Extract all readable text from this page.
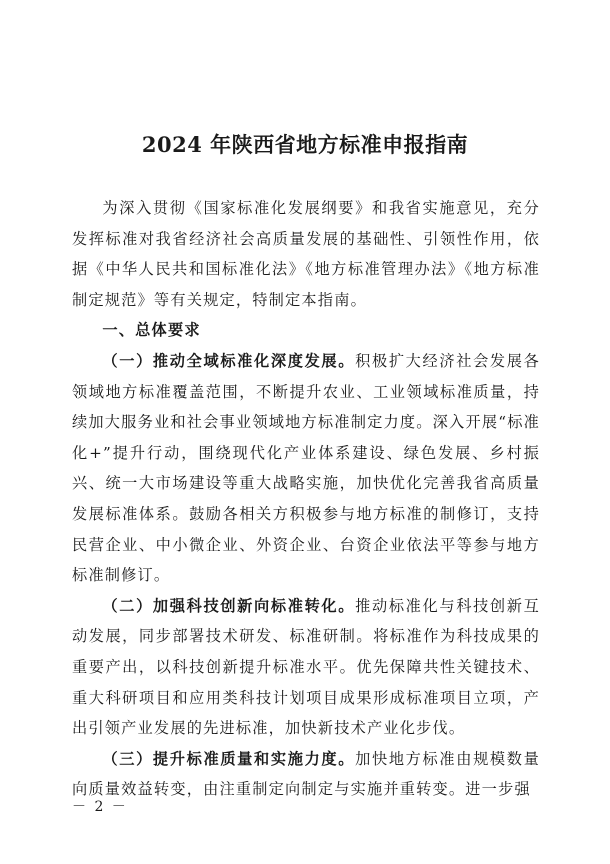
2024 年陕西省地方标准申报指南

为深入贯彻《国家标准化发展纲要》和我省实施意见，充分发挥标准对我省经济社会高质量发展的基础性、引领性作用，依据《中华人民共和国标准化法》《地方标准管理办法》《地方标准制定规范》等有关规定，特制定本指南。

一、总体要求

（一）推动全域标准化深度发展。积极扩大经济社会发展各领域地方标准覆盖范围，不断提升农业、工业领域标准质量，持续加大服务业和社会事业领域地方标准制定力度。深入开展“标准化+”提升行动，围绕现代化产业体系建设、绿色发展、乡村振兴、统一大市场建设等重大战略实施，加快优化完善我省高质量发展标准体系。鼓励各相关方积极参与地方标准的制修订，支持民营企业、中小微企业、外资企业、台资企业依法平等参与地方标准制修订。

（二）加强科技创新向标准转化。推动标准化与科技创新互动发展，同步部署技术研发、标准研制。将标准作为科技成果的重要产出，以科技创新提升标准水平。优先保障共性关键技术、重大科研项目和应用类科技计划项目成果形成标准项目立项，产出引领产业发展的先进标准，加快新技术产业化步伐。

（三）提升标准质量和实施力度。加快地方标准由规模数量向质量效益转变，由注重制定向制定与实施并重转变。进一步强

－ 2 －
